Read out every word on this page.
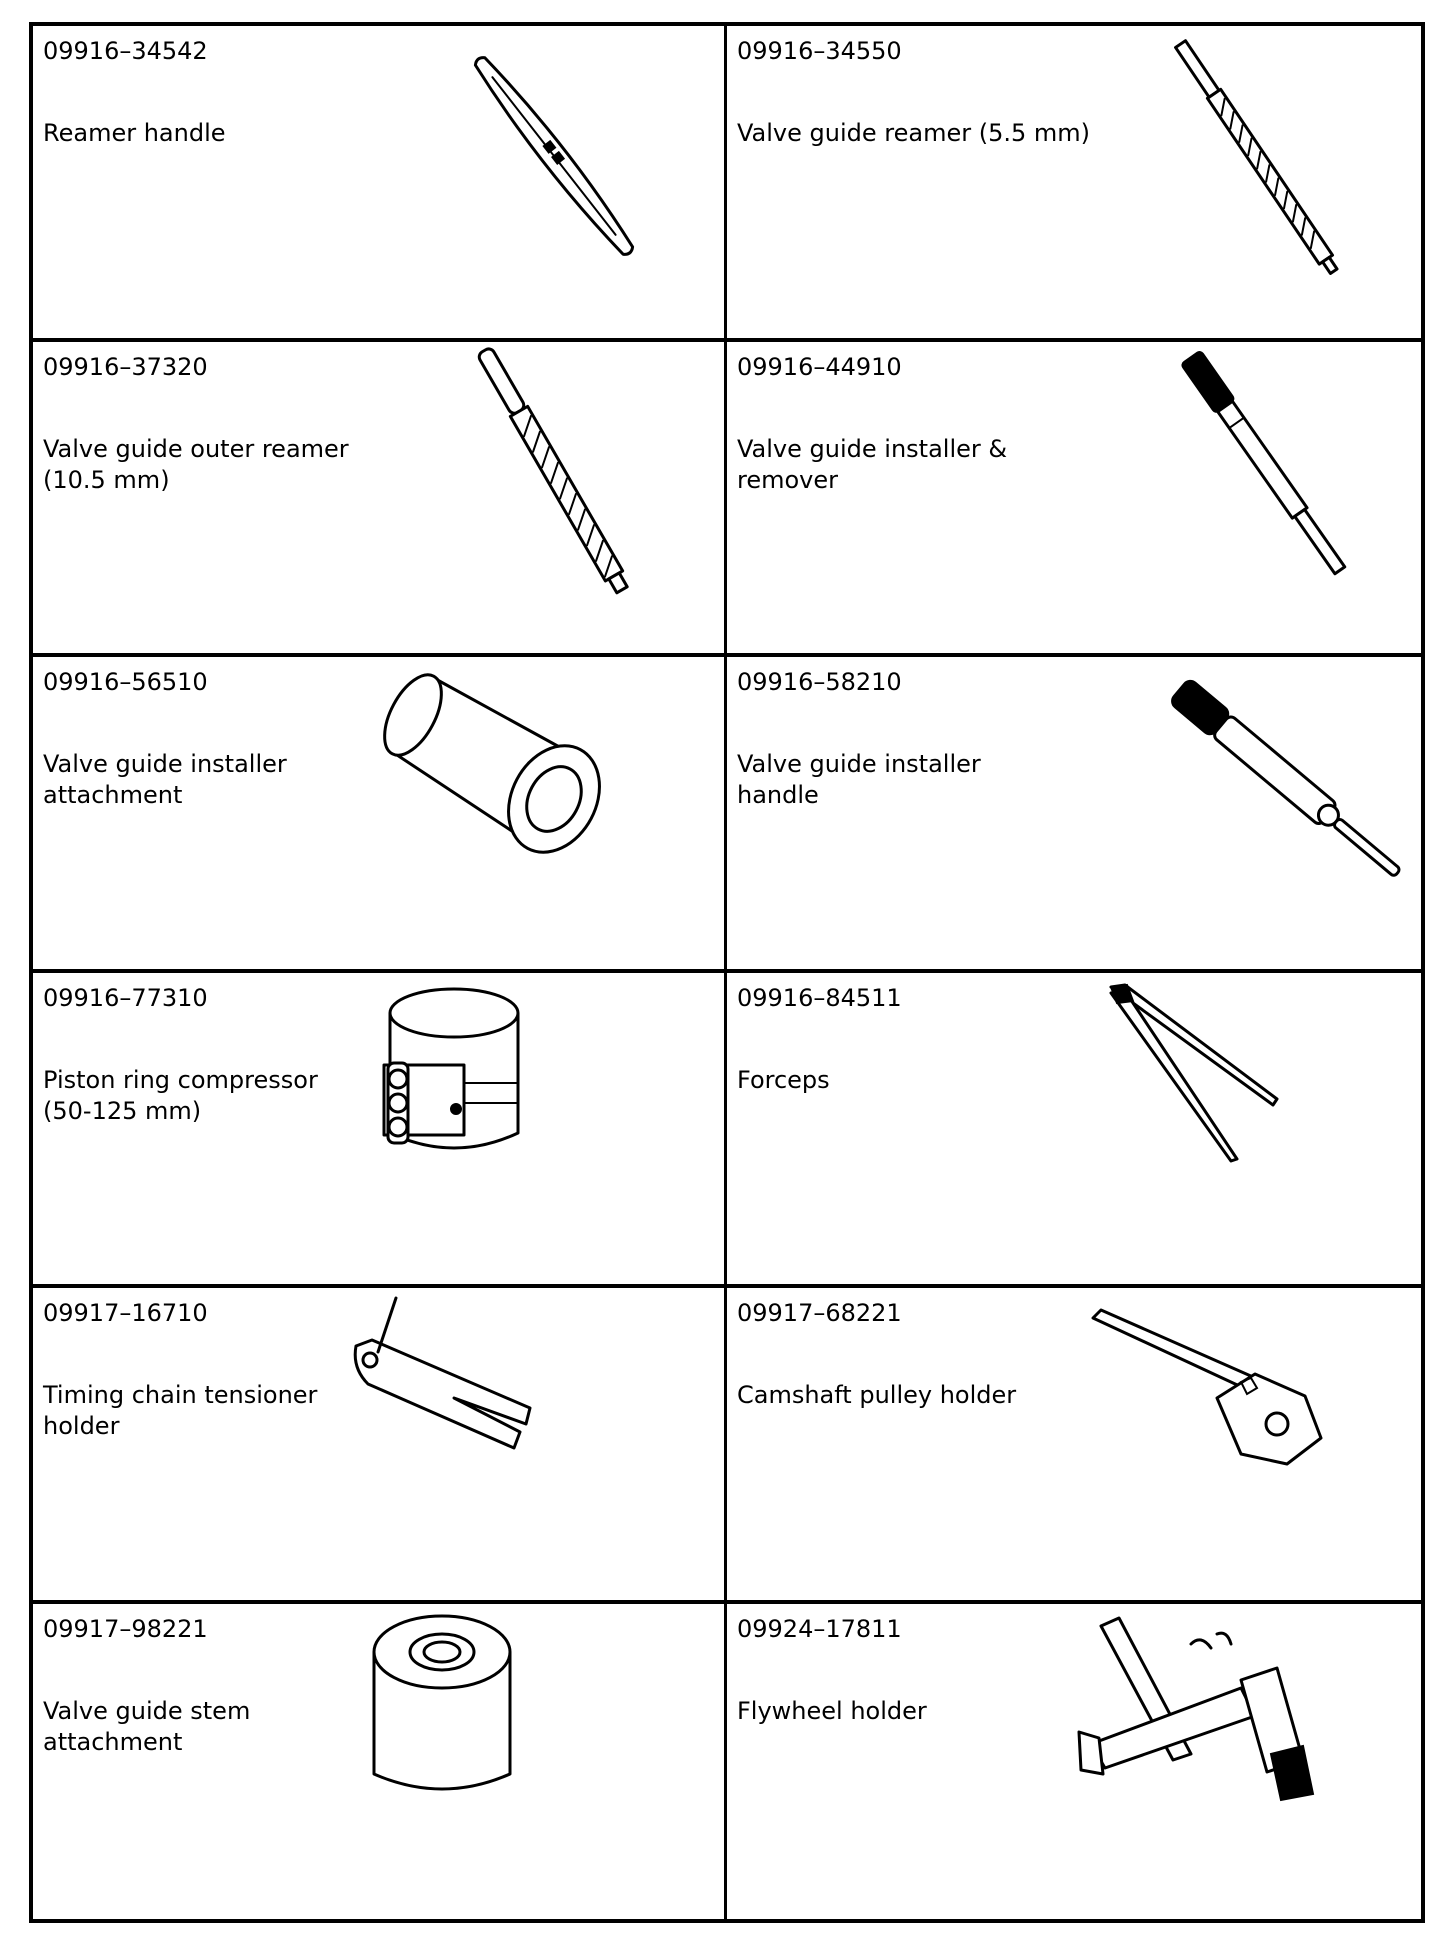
09916–34542
Reamer handle
09916–34550
Valve guide reamer (5.5 mm)
09916–37320
Valve guide outer reamer
(10.5 mm)
09916–44910
Valve guide installer &
remover
09916–56510
Valve guide installer
attachment
09916–58210
Valve guide installer
handle
09916–77310
Piston ring compressor
(50-125 mm)
09916–84511
Forceps
09917–16710
Timing chain tensioner
holder
09917–68221
Camshaft pulley holder
09917–98221
Valve guide stem
attachment
09924–17811
Flywheel holder
